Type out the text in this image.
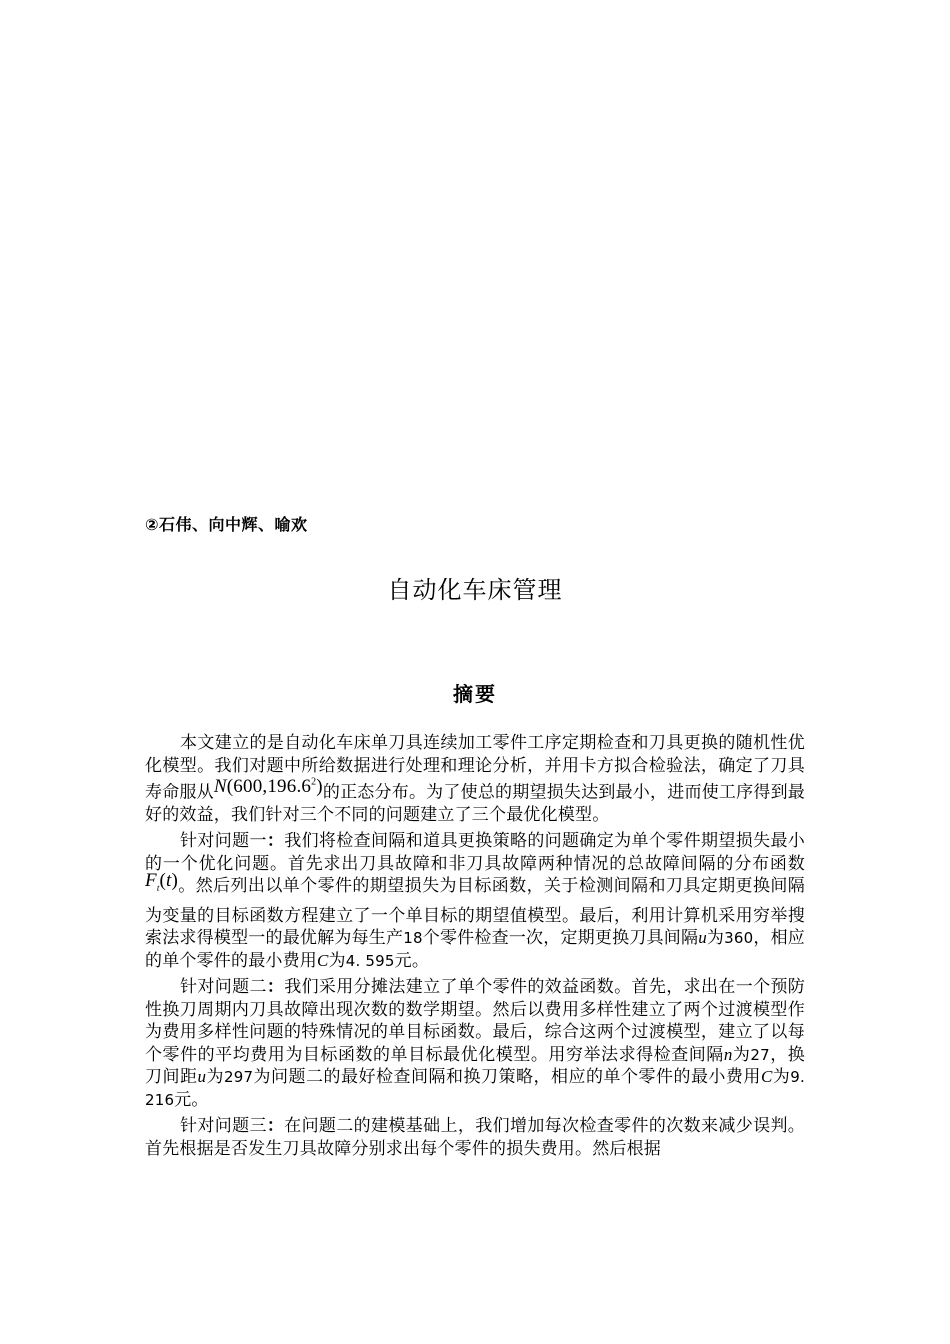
②石伟、向中辉、喻欢
自动化车床管理
摘要

本文建立的是自动化车床单刀具连续加工零件工序定期检查和刀具更换的随机性优化模型。我们对题中所给数据进行处理和理论分析，并用卡方拟合检验法，确定了刀具寿命服从N(600,196.6$^2$)的正态分布。为了使总的期望损失达到最小，进而使工序得到最好的效益，我们针对三个不同的问题建立了三个最优化模型。

针对问题一：我们将检查间隔和道具更换策略的问题确定为单个零件期望损失最小的一个优化问题。首先求出刀具故障和非刀具故障两种情况的总故障间隔的分布函数$F_t(t)$。然后列出以单个零件的期望损失为目标函数，关于检测间隔和刀具定期更换间隔为变量的目标函数方程建立了一个单目标的期望值模型。最后，利用计算机采用穷举搜索法求得模型一的最优解为每生产18个零件检查一次，定期更换刀具间隔u为360，相应的单个零件的最小费用C为4. 595元。

针对问题二：我们采用分摊法建立了单个零件的效益函数。首先，求出在一个预防性换刀周期内刀具故障出现次数的数学期望。然后以费用多样性建立了两个过渡模型作为费用多样性问题的特殊情况的单目标函数。最后，综合这两个过渡模型，建立了以每个零件的平均费用为目标函数的单目标最优化模型。用穷举法求得检查间隔n为27，换刀间距u为297为问题二的最好检查间隔和换刀策略，相应的单个零件的最小费用C为9. 216元。

针对问题三：在问题二的建模基础上，我们增加每次检查零件的次数来减少误判。首先根据是否发生刀具故障分别求出每个零件的损失费用。然后根据
